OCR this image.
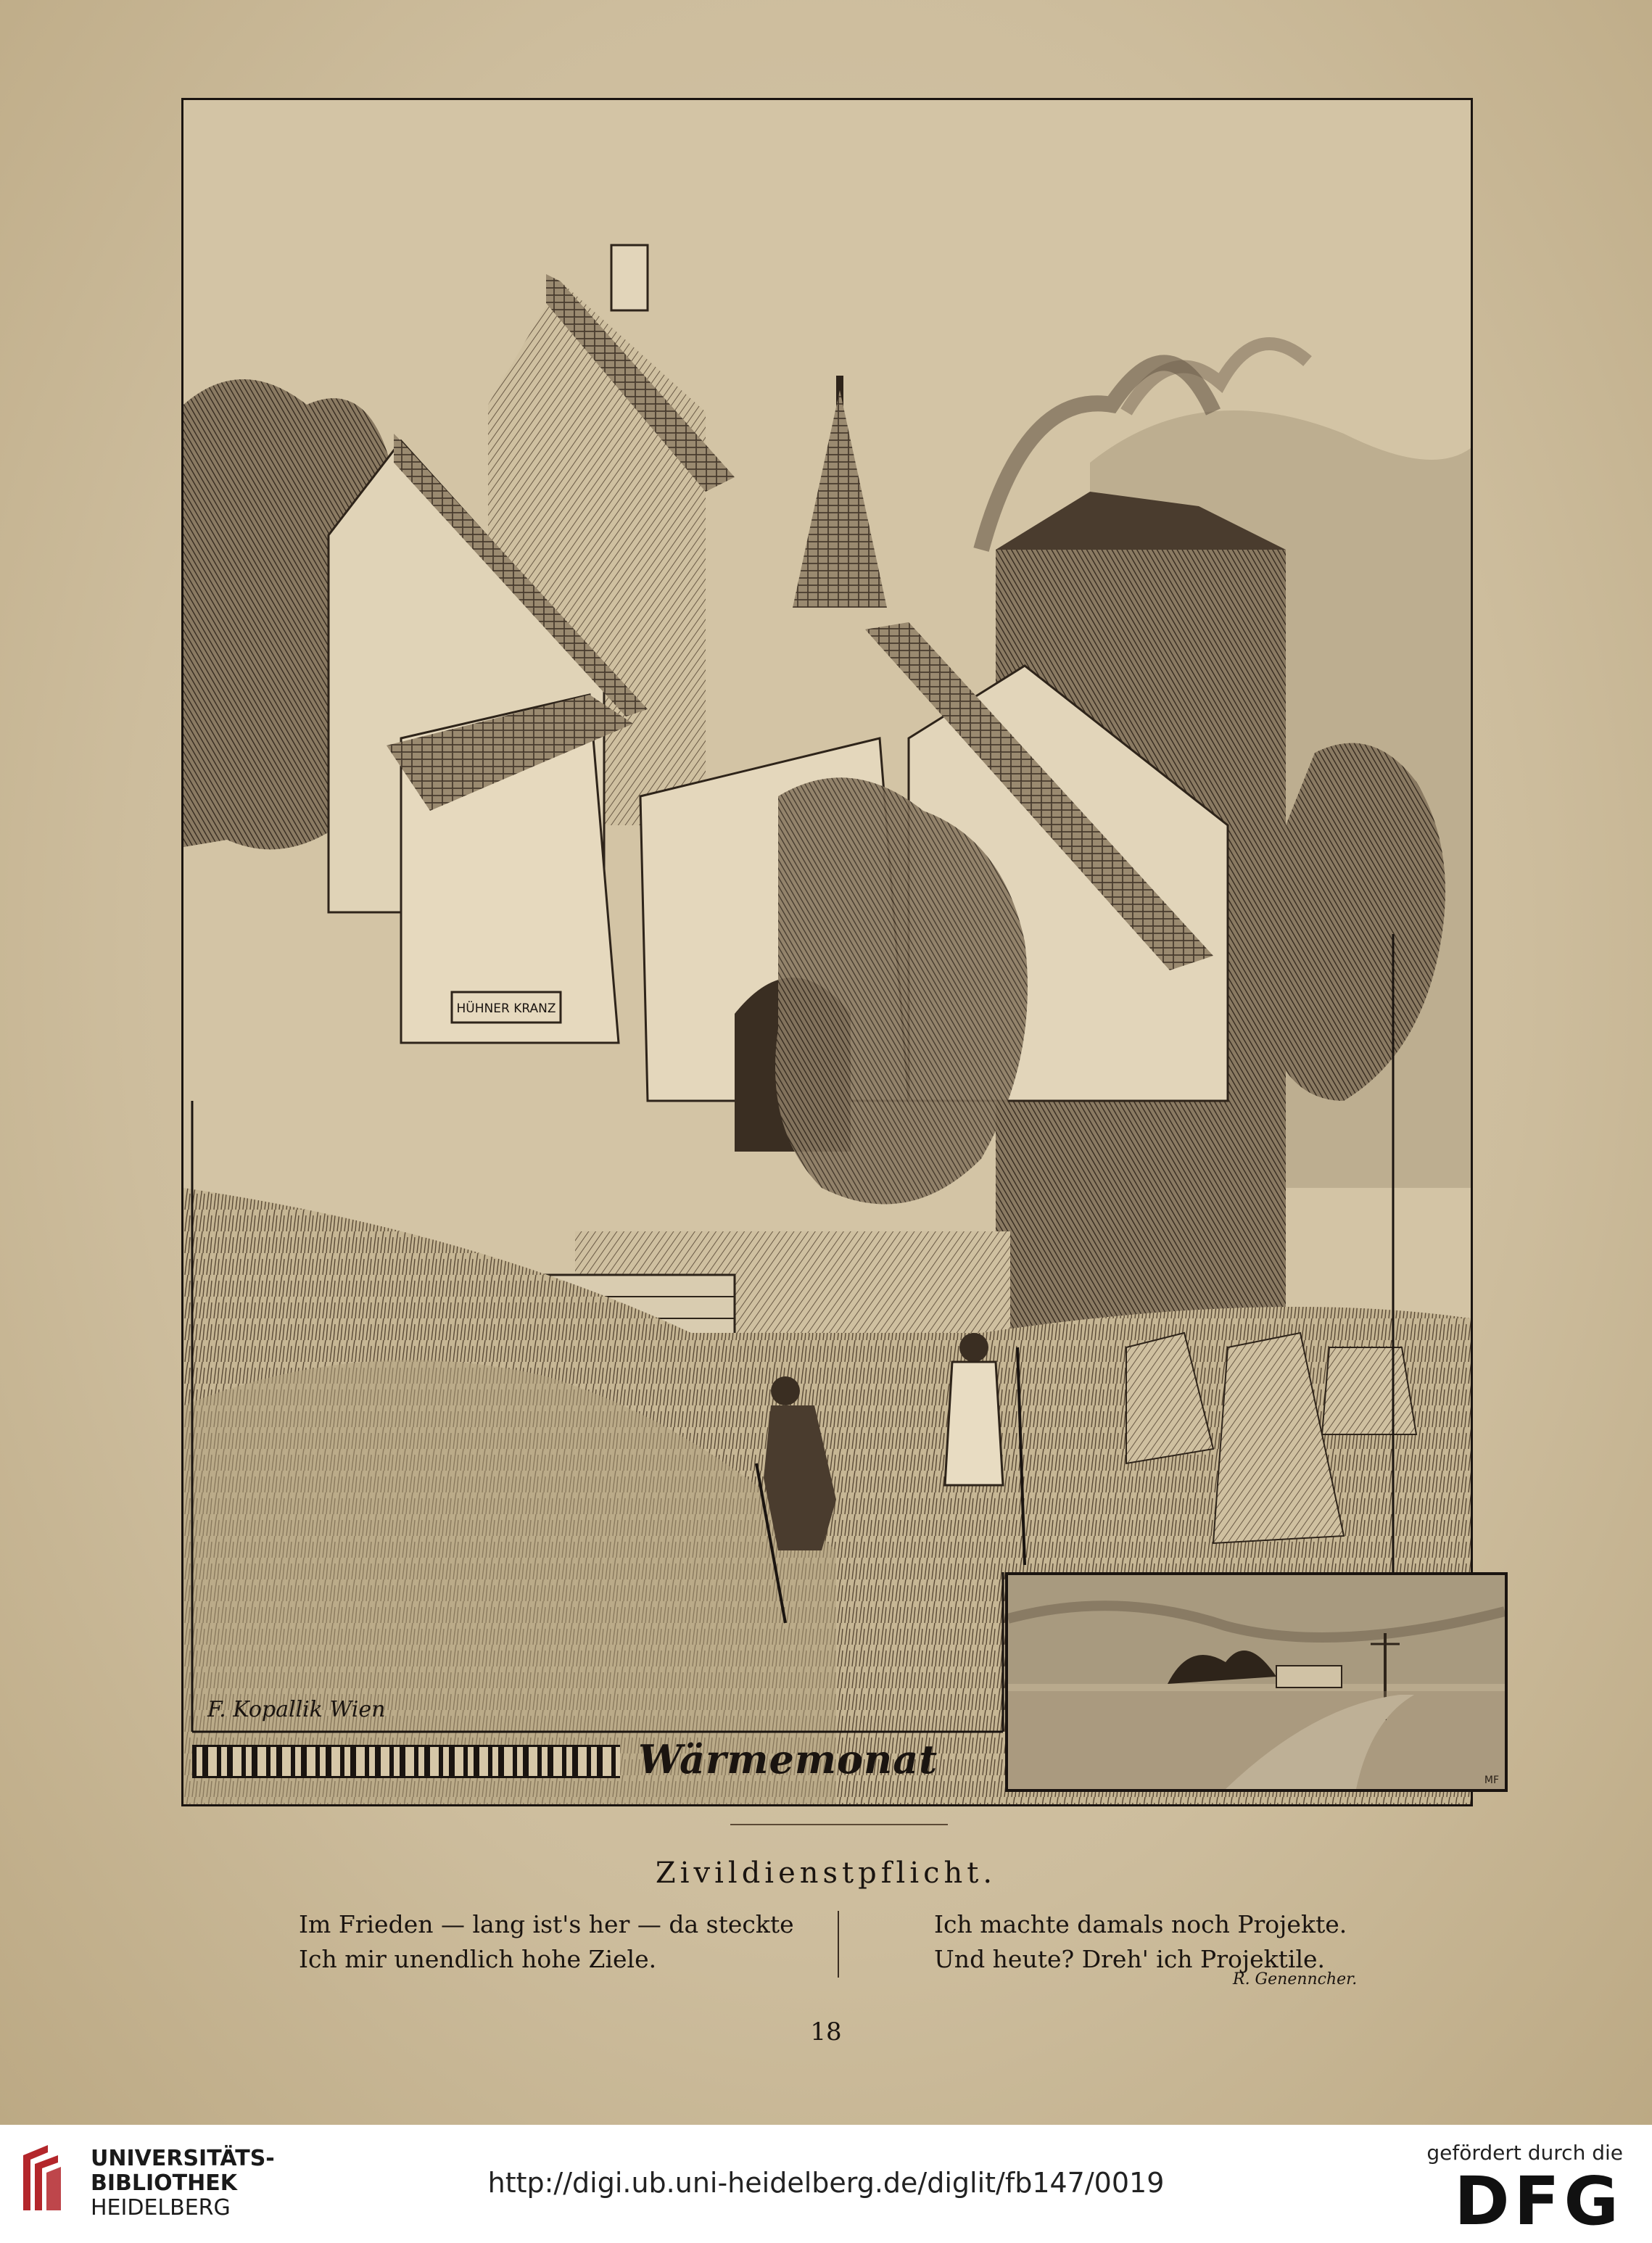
HÜHNER KRANZ
MF
F. Kopallik Wien
Wärmemonat
Zivildienstpflicht.
Im Frieden — lang ist's her — da steckte
Ich mir unendlich hohe Ziele.
Ich machte damals noch Projekte.
Und heute? Dreh' ich Projektile.
R. Genenncher.
18
UNIVERSITÄTS-
BIBLIOTHEK
HEIDELBERG
http://digi.ub.uni-heidelberg.de/diglit/fb147/0019
gefördert durch die
DFG
